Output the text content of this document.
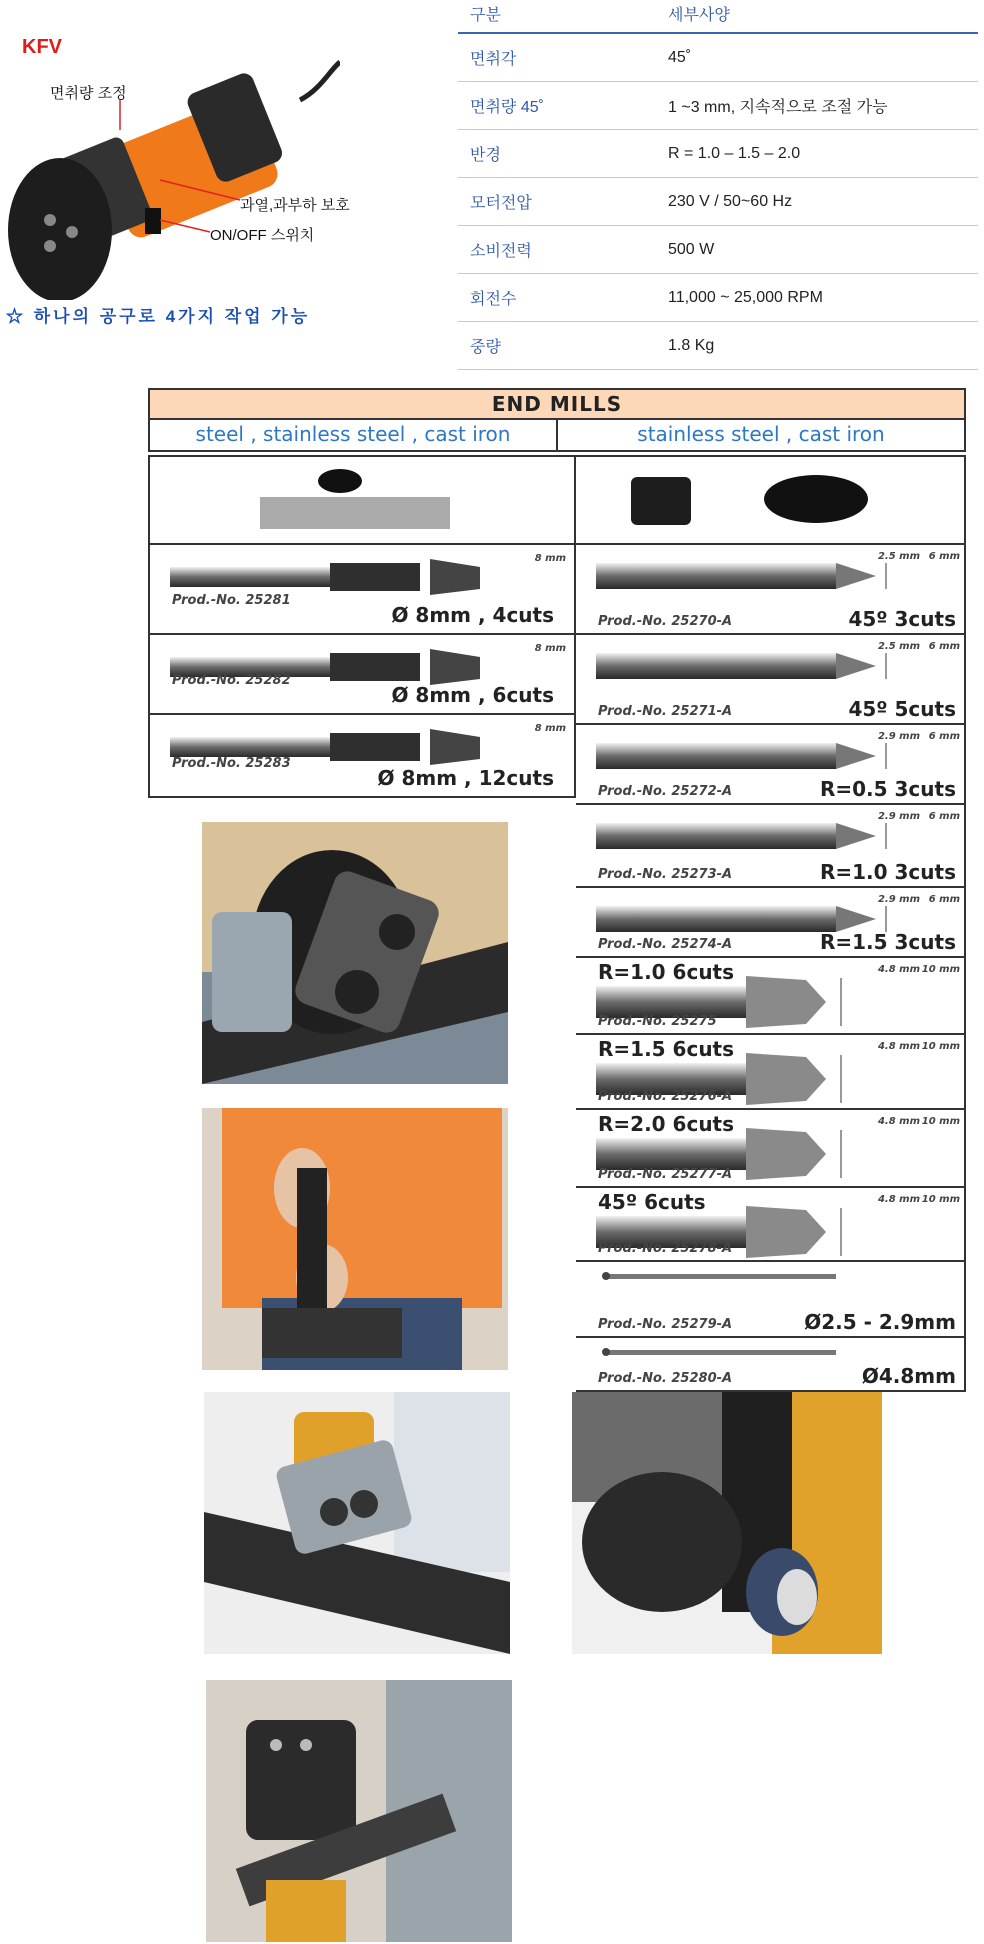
KFV
면취량 조정
과열,과부하 보호
ON/OFF 스위치
☆ 하나의 공구로 4가지 작업 가능
구분	세부사양
면취각	45˚
면취량 45˚	1 ~3 mm, 지속적으로 조절 가능
반경	R = 1.0 – 1.5 – 2.0
모터전압	230 V / 50~60 Hz
소비전력	500 W
회전수	11,000 ~ 25,000 RPM
중량	1.8 Kg
END MILLS
steel , stainless steel , cast iron	stainless steel , cast iron
Prod.-No. 25281
Ø 8mm , 4cuts
8 mm
Prod.-No. 25282
Ø 8mm , 6cuts
8 mm
Prod.-No. 25283
Ø 8mm , 12cuts
8 mm
Prod.-No. 25270-A	45º 3cuts
2.5 mm 6 mm
Prod.-No. 25271-A	45º 5cuts
2.5 mm 6 mm
Prod.-No. 25272-A	R=0.5 3cuts
2.9 mm 6 mm
Prod.-No. 25273-A	R=1.0 3cuts
2.9 mm 6 mm
Prod.-No. 25274-A	R=1.5 3cuts
2.9 mm 6 mm
Prod.-No. 25275
R=1.0 6cuts	4.8 mm 10 mm
Prod.-No. 25276-A
R=1.5 6cuts	4.8 mm 10 mm
Prod.-No. 25277-A
R=2.0 6cuts	4.8 mm 10 mm
Prod.-No. 25278-A
45º 6cuts	4.8 mm 10 mm
Prod.-No. 25279-A	Ø2.5 - 2.9mm
Prod.-No. 25280-A	Ø4.8mm
